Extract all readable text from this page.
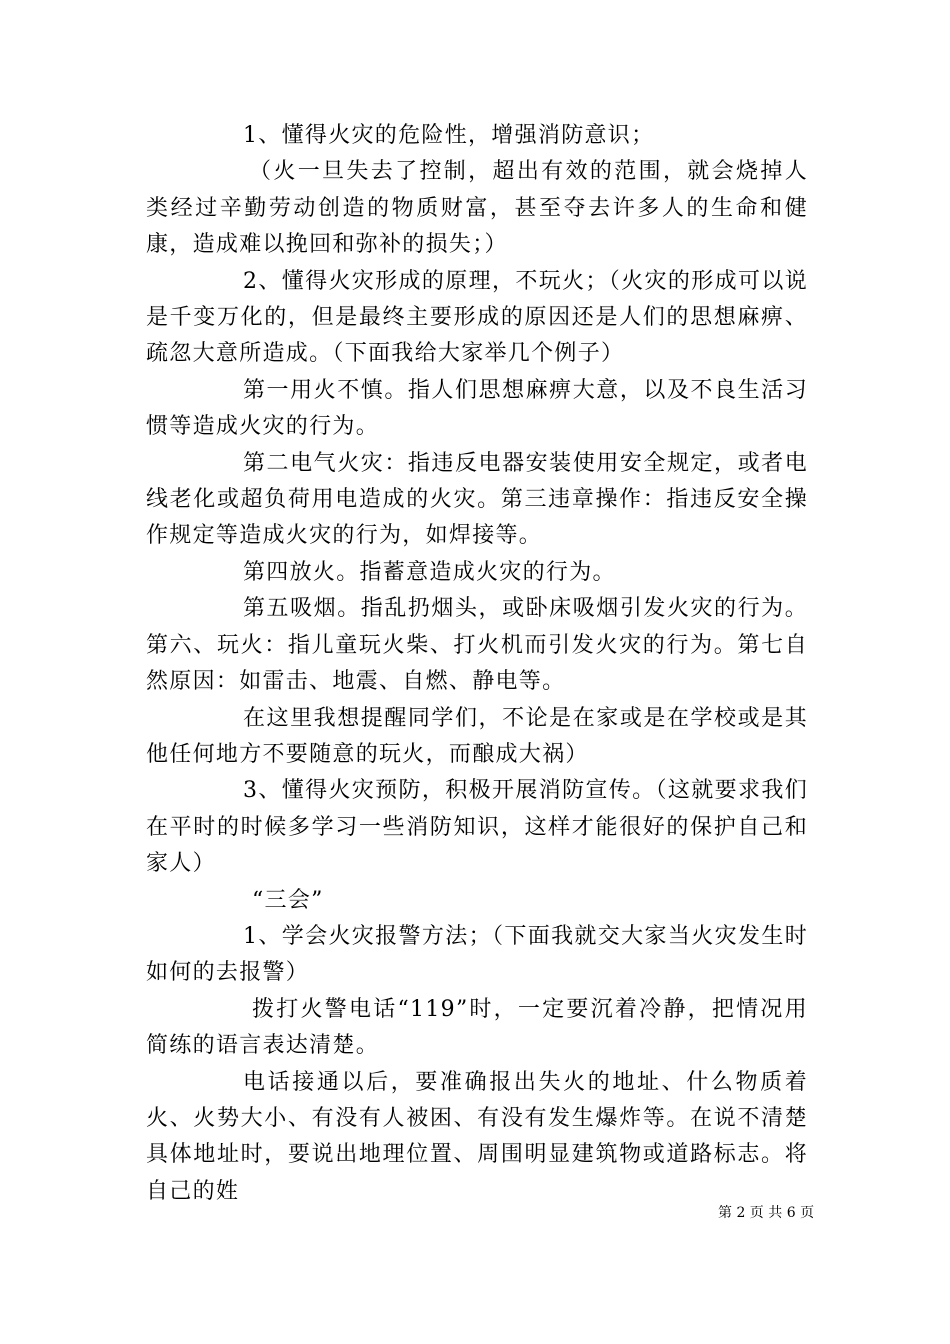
1、懂得火灾的危险性，增强消防意识；

（火一旦失去了控制，超出有效的范围，就会烧掉人类经过辛勤劳动创造的物质财富，甚至夺去许多人的生命和健康，造成难以挽回和弥补的损失；）

2、懂得火灾形成的原理，不玩火；（火灾的形成可以说是千变万化的，但是最终主要形成的原因还是人们的思想麻痹、疏忽大意所造成。（下面我给大家举几个例子）

第一用火不慎。指人们思想麻痹大意，以及不良生活习惯等造成火灾的行为。

第二电气火灾：指违反电器安装使用安全规定，或者电线老化或超负荷用电造成的火灾。第三违章操作：指违反安全操作规定等造成火灾的行为，如焊接等。

第四放火。指蓄意造成火灾的行为。

第五吸烟。指乱扔烟头，或卧床吸烟引发火灾的行为。第六、玩火：指儿童玩火柴、打火机而引发火灾的行为。第七自然原因：如雷击、地震、自燃、静电等。

在这里我想提醒同学们，不论是在家或是在学校或是其他任何地方不要随意的玩火，而酿成大祸）

3、懂得火灾预防，积极开展消防宣传。（这就要求我们在平时的时候多学习一些消防知识，这样才能很好的保护自己和家人）

“三会”

1、学会火灾报警方法；（下面我就交大家当火灾发生时如何的去报警）

拨打火警电话“119”时，一定要沉着冷静，把情况用简练的语言表达清楚。

电话接通以后，要准确报出失火的地址、什么物质着火、火势大小、有没有人被困、有没有发生爆炸等。在说不清楚具体地址时，要说出地理位置、周围明显建筑物或道路标志。将自己的姓

第 2 页 共 6 页
